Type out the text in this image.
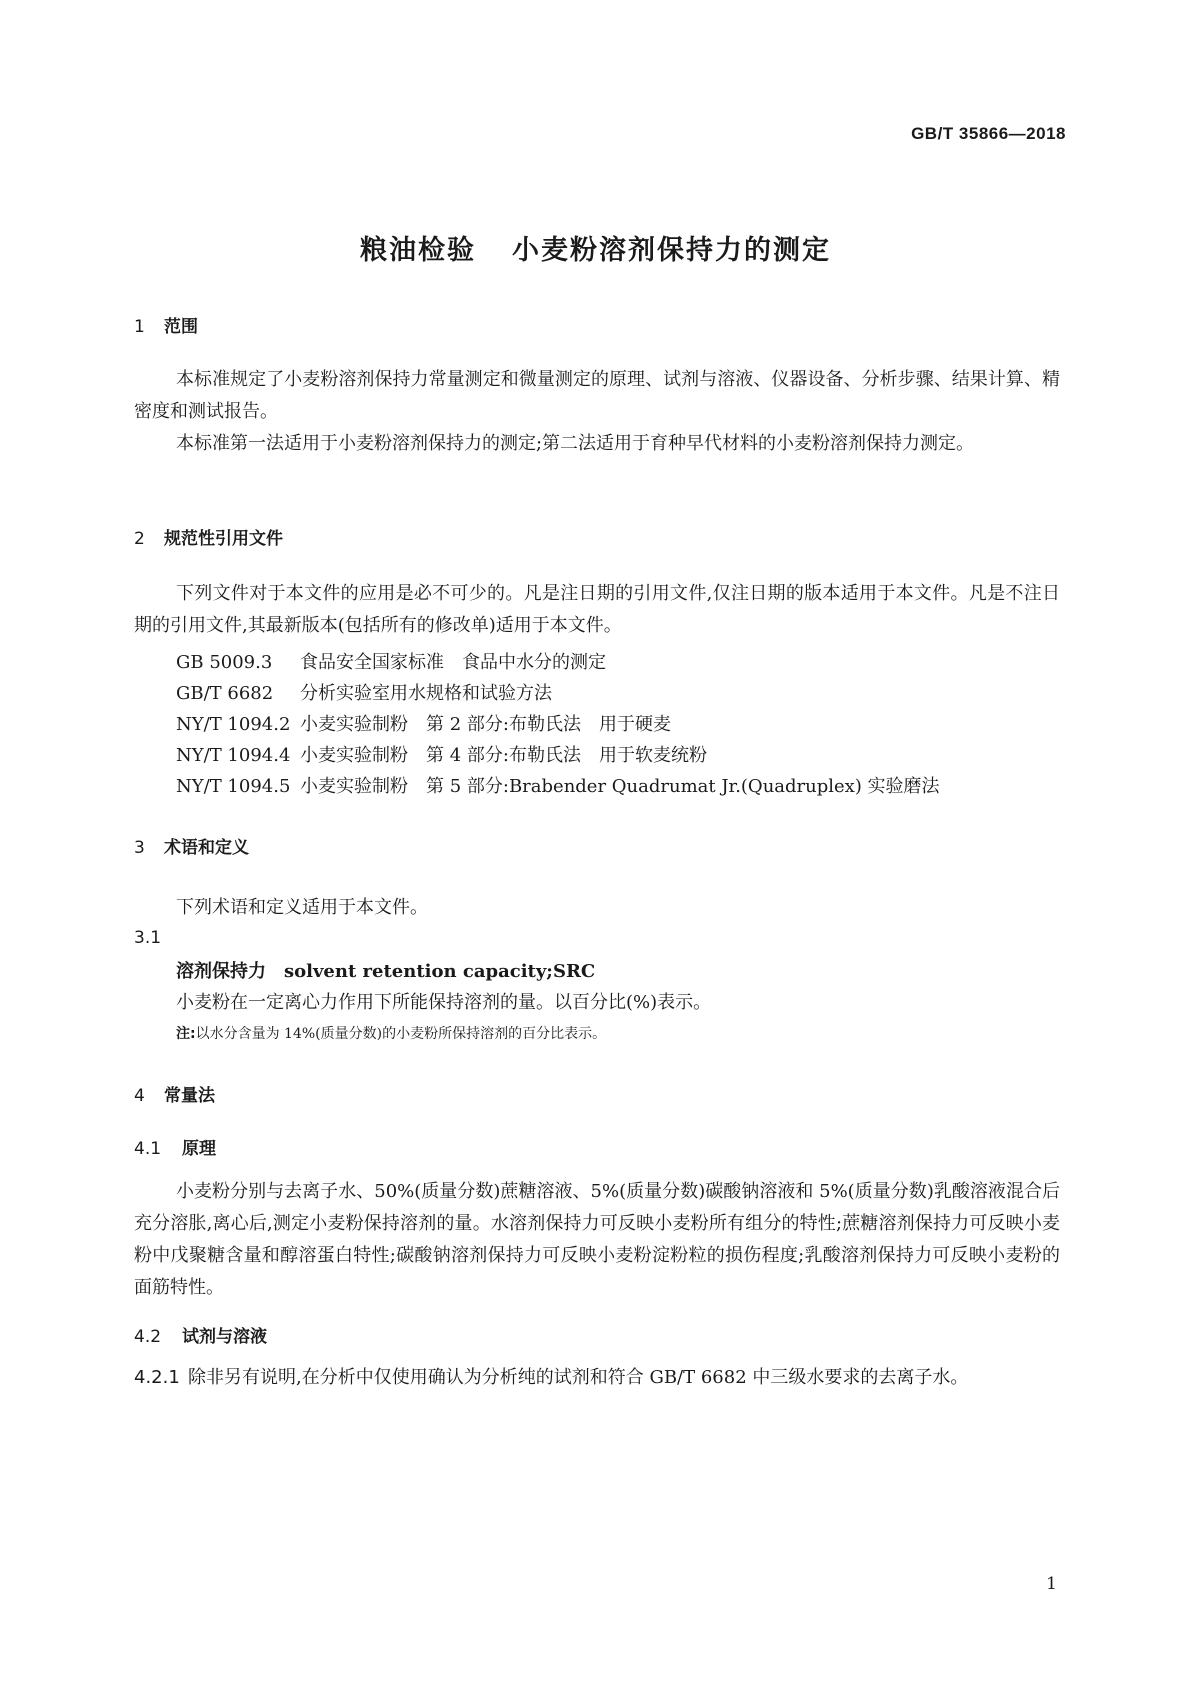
GB/T 35866—2018
粮油检验 小麦粉溶剂保持力的测定
1 范围

本标准规定了小麦粉溶剂保持力常量测定和微量测定的原理、试剂与溶液、仪器设备、分析步骤、结果计算、精密度和测试报告。

本标准第一法适用于小麦粉溶剂保持力的测定;第二法适用于育种早代材料的小麦粉溶剂保持力测定。

2 规范性引用文件

下列文件对于本文件的应用是必不可少的。凡是注日期的引用文件,仅注日期的版本适用于本文件。凡是不注日期的引用文件,其最新版本(包括所有的修改单)适用于本文件。

GB 5009.3 食品安全国家标准　食品中水分的测定
GB/T 6682 分析实验室用水规格和试验方法
NY/T 1094.2 小麦实验制粉　第 2 部分:布勒氏法　用于硬麦
NY/T 1094.4 小麦实验制粉　第 4 部分:布勒氏法　用于软麦统粉
NY/T 1094.5 小麦实验制粉　第 5 部分:Brabender Quadrumat Jr.(Quadruplex) 实验磨法
3 术语和定义
下列术语和定义适用于本文件。
3.1
溶剂保持力 solvent retention capacity;SRC
小麦粉在一定离心力作用下所能保持溶剂的量。以百分比(%)表示。
注:以水分含量为 14%(质量分数)的小麦粉所保持溶剂的百分比表示。
4 常量法
4.1 原理

小麦粉分别与去离子水、50%(质量分数)蔗糖溶液、5%(质量分数)碳酸钠溶液和 5%(质量分数)乳酸溶液混合后充分溶胀,离心后,测定小麦粉保持溶剂的量。水溶剂保持力可反映小麦粉所有组分的特性;蔗糖溶剂保持力可反映小麦粉中戊聚糖含量和醇溶蛋白特性;碳酸钠溶剂保持力可反映小麦粉淀粉粒的损伤程度;乳酸溶剂保持力可反映小麦粉的面筋特性。

4.2 试剂与溶液

4.2.1 除非另有说明,在分析中仅使用确认为分析纯的试剂和符合 GB/T 6682 中三级水要求的去离子水。

1
